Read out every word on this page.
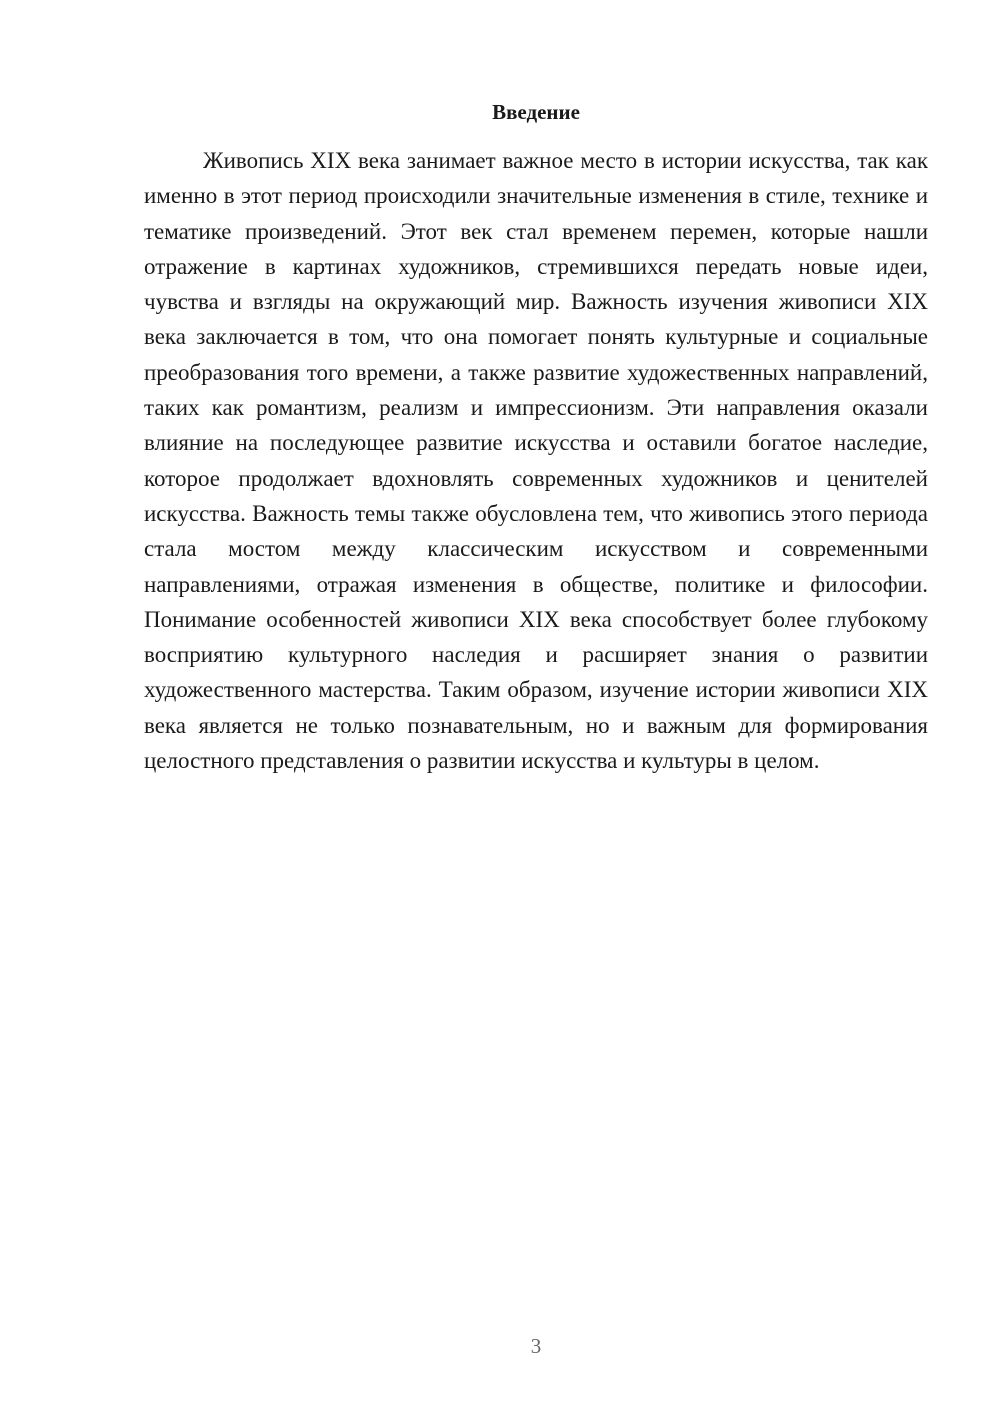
Введение

Живопись XIX века занимает важное место в истории искусства, так как именно в этот период происходили значительные изменения в стиле, технике и тематике произведений. Этот век стал временем перемен, которые нашли отражение в картинах художников, стремившихся передать новые идеи, чувства и взгляды на окружающий мир. Важность изучения живописи XIX века заключается в том, что она помогает понять культурные и социальные преобразования того времени, а также развитие художественных направлений, таких как романтизм, реализм и импрессионизм. Эти направления оказали влияние на последующее развитие искусства и оставили богатое наследие, которое продолжает вдохновлять современных художников и ценителей искусства. Важность темы также обусловлена тем, что живопись этого периода стала мостом между классическим искусством и современными направлениями, отражая изменения в обществе, политике и философии. Понимание особенностей живописи XIX века способствует более глубокому восприятию культурного наследия и расширяет знания о развитии художественного мастерства. Таким образом, изучение истории живописи XIX века является не только познавательным, но и важным для формирования целостного представления о развитии искусства и культуры в целом.

3
